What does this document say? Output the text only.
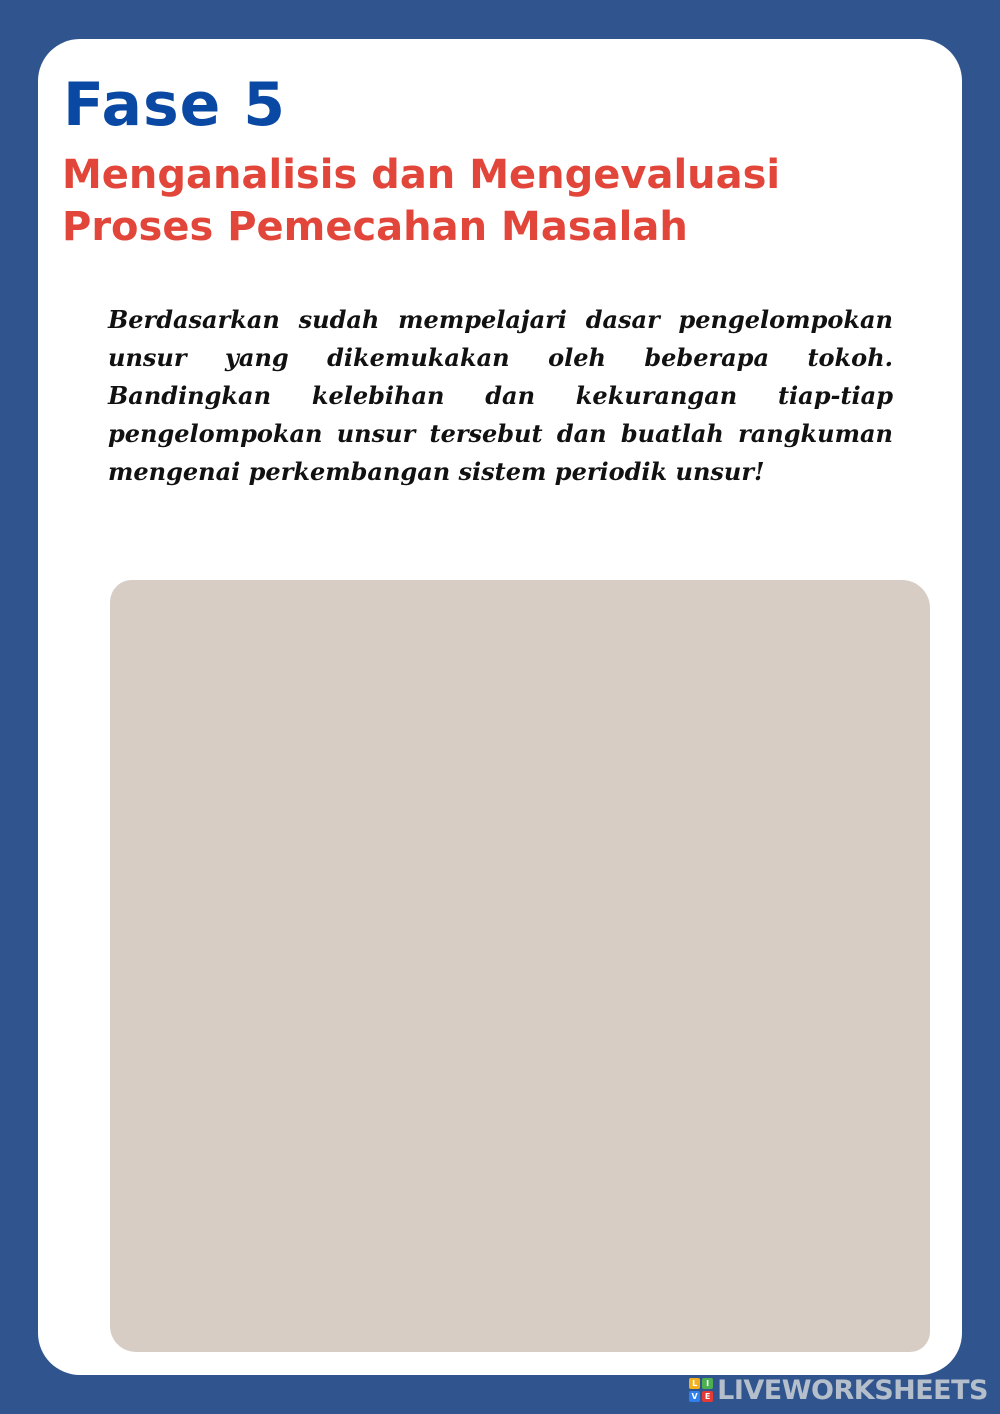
Fase 5
Menganalisis dan Mengevaluasi Proses Pemecahan Masalah

Berdasarkan sudah mempelajari dasar pengelompokan unsur yang dikemukakan oleh beberapa tokoh. Bandingkan kelebihan dan kekurangan tiap-tiap pengelompokan unsur tersebut dan buatlah rangkuman mengenai perkembangan sistem periodik unsur!

L	I
V E LIVEWORKSHEETS
